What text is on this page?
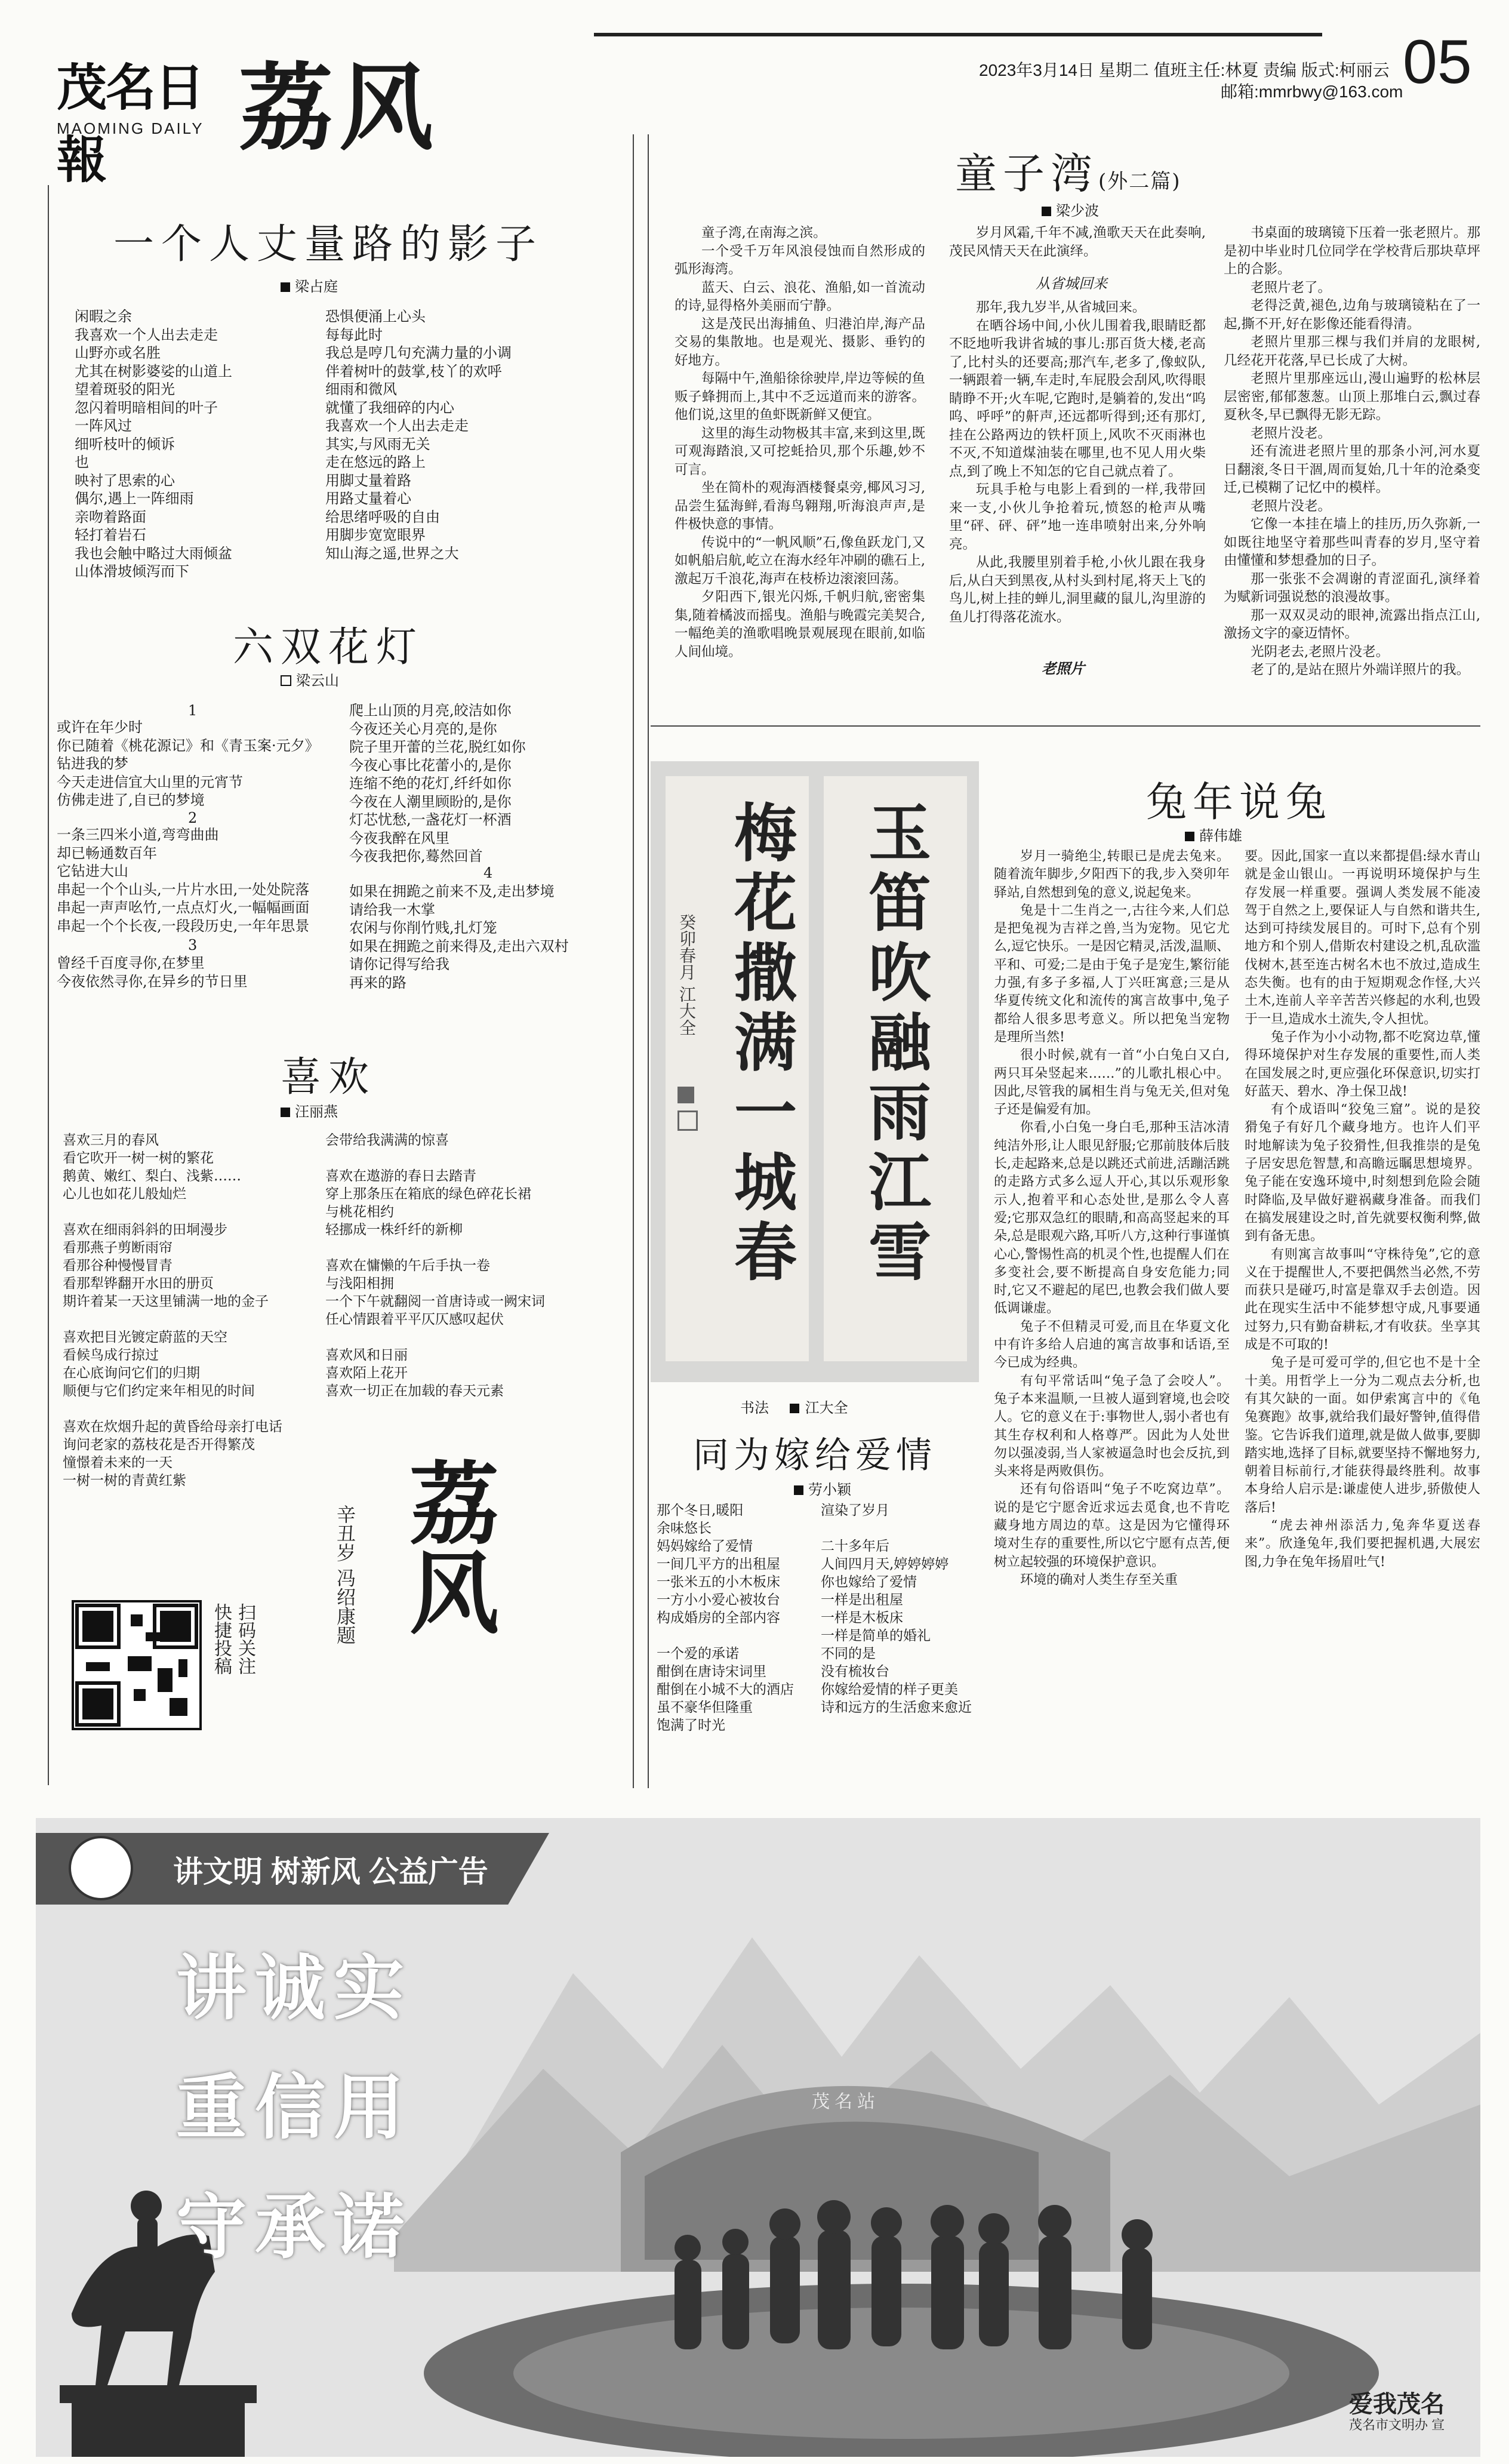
茂名日報
MAOMING DAILY 荔风	2023年3月14日 星期二 值班主任:林夏 责编 版式:柯丽云
邮箱:mmrbwy@163.com 05
一个人丈量路的影子
梁占庭
闲暇之余
我喜欢一个人出去走走
山野亦或名胜
尤其在树影婆娑的山道上
望着斑驳的阳光
忽闪着明暗相间的叶子
一阵风过
细听枝叶的倾诉
也
映衬了思索的心
偶尔,遇上一阵细雨
亲吻着路面
轻打着岩石
我也会触中略过大雨倾盆
山体滑坡倾泻而下
恐惧便涌上心头
每每此时
我总是哼几句充满力量的小调
伴着树叶的鼓掌,枝丫的欢呼
细雨和微风
就懂了我细碎的内心
我喜欢一个人出去走走
其实,与风雨无关
走在悠远的路上
用脚丈量着路
用路丈量着心
给思绪呼吸的自由
用脚步宽宽眼界
知山海之遥,世界之大
六双花灯
梁云山
1
或许在年少时
你已随着《桃花源记》和《青玉案·元夕》
钻进我的梦
今天走进信宜大山里的元宵节
仿佛走进了,自已的梦境
2
一条三四米小道,弯弯曲曲
却已畅通数百年
它钻进大山
串起一个个山头,一片片水田,一处处院落
串起一声声吆竹,一点点灯火,一幅幅画面
串起一个个长夜,一段段历史,一年年思景
3
曾经千百度寻你,在梦里
今夜依然寻你,在异乡的节日里
爬上山顶的月亮,皎洁如你
今夜还关心月亮的,是你
院子里开蕾的兰花,脱红如你
今夜心事比花蕾小的,是你
连缩不绝的花灯,纤纤如你
今夜在人潮里顾盼的,是你
灯芯忧愁,一盏花灯一杯酒
今夜我醉在风里
今夜我把你,蓦然回首
4
如果在拥跪之前来不及,走出梦境
请给我一木掌
农闲与你削竹贱,扎灯笼
如果在拥跪之前来得及,走出六双村
请你记得写给我
再来的路
喜欢
汪丽燕
喜欢三月的春风
看它吹开一树一树的繁花
鹅黄、嫩红、梨白、浅紫……
心儿也如花儿般灿烂

喜欢在细雨斜斜的田垌漫步
看那燕子剪断雨帘
看那谷种慢慢冒青
看那犁铧翻开水田的册页
期许着某一天这里铺满一地的金子

喜欢把目光镀定蔚蓝的天空
看候鸟成行掠过
在心底询问它们的归期
顺便与它们约定来年相见的时间

喜欢在炊烟升起的黄昏给母亲打电话
询问老家的荔枝花是否开得繁茂
憧憬着未来的一天
一树一树的青黄红紫
会带给我满满的惊喜

喜欢在遨游的春日去踏青
穿上那条压在箱底的绿色碎花长裙
与桃花相约
轻挪成一株纤纤的新柳

喜欢在慵懒的午后手执一卷
与浅阳相拥
一个下午就翻阅一首唐诗或一阙宋词
任心情跟着平平仄仄感叹起伏

喜欢风和日丽
喜欢陌上花开
喜欢一切正在加载的春天元素
扫码关注
快捷投稿	辛丑岁 冯绍康题 荔风
童子湾(外二篇)
梁少波

童子湾,在南海之滨。

一个受千万年风浪侵蚀而自然形成的弧形海湾。

蓝天、白云、浪花、渔船,如一首流动的诗,显得格外美丽而宁静。

这是茂民出海捕鱼、归港泊岸,海产品交易的集散地。也是观光、摄影、垂钓的好地方。

每隔中午,渔船徐徐驶岸,岸边等候的鱼贩子蜂拥而上,其中不乏远道而来的游客。他们说,这里的鱼虾既新鲜又便宜。

这里的海生动物极其丰富,来到这里,既可观海踏浪,又可挖蚝拾贝,那个乐趣,妙不可言。

坐在简朴的观海酒楼餐桌旁,椰风习习,品尝生猛海鲜,看海鸟翱翔,听海浪声声,是件极快意的事情。

传说中的“一帆风顺”石,像鱼跃龙门,又如帆船启航,屹立在海水经年冲刷的礁石上,激起万千浪花,海声在枝桥边滚滚回荡。

夕阳西下,银光闪烁,千帆归航,密密集集,随着橘波而摇曳。渔船与晚霞完美契合,一幅绝美的渔歌唱晚景观展现在眼前,如临人间仙境。

岁月风霜,千年不减,渔歌天天在此奏响,茂民风情天天在此演绎。

从省城回来

那年,我九岁半,从省城回来。

在晒谷场中间,小伙儿围着我,眼睛眨都不眨地听我讲省城的事儿:那百货大楼,老高了,比村头的还要高;那汽车,老多了,像蚁队,一辆跟着一辆,车走时,车屁股会刮风,吹得眼睛睁不开;火车呢,它跑时,是躺着的,发出“呜呜、呼呼”的鼾声,还远都听得到;还有那灯,挂在公路两边的铁杆顶上,风吹不灭雨淋也不灭,不知道煤油装在哪里,也不见人用火柴点,到了晚上不知怎的它自己就点着了。

玩具手枪与电影上看到的一样,我带回来一支,小伙儿争抢着玩,愤怒的枪声从嘴里“砰、砰、砰”地一连串喷射出来,分外响亮。

从此,我腰里别着手枪,小伙儿跟在我身后,从白天到黑夜,从村头到村尾,将天上飞的鸟儿,树上挂的蝉儿,洞里藏的鼠儿,沟里游的鱼儿打得落花流水。

老照片

书桌面的玻璃镜下压着一张老照片。那是初中毕业时几位同学在学校背后那块草坪上的合影。

老照片老了。

老得泛黄,褪色,边角与玻璃镜粘在了一起,撕不开,好在影像还能看得清。

老照片里那三棵与我们并肩的龙眼树,几经花开花落,早已长成了大树。

老照片里那座远山,漫山遍野的松林层层密密,郁郁葱葱。山顶上那堆白云,飘过春夏秋冬,早已飘得无影无踪。

老照片没老。

还有流进老照片里的那条小河,河水夏日翻滚,冬日干涸,周而复始,几十年的沧桑变迁,已模糊了记忆中的模样。

老照片没老。

它像一本挂在墙上的挂历,历久弥新,一如既往地坚守着那些叫青春的岁月,坚守着由懂懂和梦想叠加的日子。

那一张张不会凋谢的青涩面孔,演绎着为赋新词强说愁的浪漫故事。

那一双双灵动的眼神,流露出指点江山,激扬文字的豪迈情怀。

光阴老去,老照片没老。

老了的,是站在照片外端详照片的我。

玉笛吹融雨江雪
梅花撒满一城春
癸卯春月 江大全
书法	江大全
兔年说兔
薛伟雄

岁月一骑绝尘,转眼已是虎去兔来。随着流年脚步,夕阳西下的我,步入癸卯年驿站,自然想到兔的意义,说起兔来。

兔是十二生肖之一,古往今来,人们总是把兔视为吉祥之兽,当为宠物。见它尤么,逗它快乐。一是因它精灵,活泼,温顺、平和、可爱;二是由于兔子是宠生,繁衍能力强,有多子多福,人丁兴旺寓意;三是从华夏传统文化和流传的寓言故事中,兔子都给人很多思考意义。所以把兔当宠物是理所当然!

很小时候,就有一首“小白兔白又白,两只耳朵竖起来……”的儿歌扎根心中。因此,尽管我的属相生肖与兔无关,但对兔子还是偏爱有加。

你看,小白兔一身白毛,那种玉洁冰清纯洁外形,让人眼见舒服;它那前肢体后肢长,走起路来,总是以跳还式前进,活蹦活跳的走路方式多么逗人开心,其以乐观形象示人,抱着平和心态处世,是那么令人喜爱;它那双急红的眼睛,和高高竖起来的耳朵,总是眼观六路,耳听八方,这种行事谨慎心心,警惕性高的机灵个性,也提醒人们在多变社会,要不断提高自身安危能力;同时,它又不避起的尾巴,也教会我们做人要低调谦虚。

兔子不但精灵可爱,而且在华夏文化中有许多给人启迪的寓言故事和话语,至今已成为经典。

有句平常话叫“兔子急了会咬人”。兔子本来温顺,一旦被人逼到窘境,也会咬人。它的意义在于:事物世人,弱小者也有其生存权利和人格尊严。因此为人处世勿以强凌弱,当人家被逼急时也会反抗,到头来将是两败俱伤。

还有句俗语叫“兔子不吃窝边草”。说的是它宁愿舍近求远去觅食,也不肯吃藏身地方周边的草。这是因为它懂得环境对生存的重要性,所以它宁愿有点苦,便树立起较强的环境保护意识。

环境的确对人类生存至关重

要。因此,国家一直以来都提倡:绿水青山就是金山银山。一再说明环境保护与生存发展一样重要。强调人类发展不能凌驾于自然之上,要保证人与自然和谐共生,达到可持续发展目的。可时下,总有个别地方和个别人,借斯农村建设之机,乱砍滥伐树木,甚至连古树名木也不放过,造成生态失衡。也有的由于短期观念作怪,大兴土木,连前人辛辛苦苦兴修起的水利,也毁于一旦,造成水土流失,令人担忧。

兔子作为小小动物,都不吃窝边草,懂得环境保护对生存发展的重要性,而人类在国发展之时,更应强化环保意识,切实打好蓝天、碧水、净土保卫战!

有个成语叫“狡兔三窟”。说的是狡猾兔子有好几个藏身地方。也许人们平时地解读为兔子狡猾性,但我推崇的是兔子居安思危智慧,和高瞻远瞩思想境界。兔子能在安逸环境中,时刻想到危险会随时降临,及早做好避祸藏身准备。而我们在搞发展建设之时,首先就要权衡利弊,做到有备无患。

有则寓言故事叫“守株待兔”,它的意义在于提醒世人,不要把偶然当必然,不劳而获只是碰巧,时富是靠双手去创造。因此在现实生活中不能梦想守成,凡事要通过努力,只有勤奋耕耘,才有收获。坐享其成是不可取的!

兔子是可爱可学的,但它也不是十全十美。用哲学上一分为二观点去分析,也有其欠缺的一面。如伊索寓言中的《龟兔赛跑》故事,就给我们最好警钟,值得借鉴。它告诉我们道理,就是做人做事,要脚踏实地,选择了目标,就要坚持不懈地努力,朝着目标前行,才能获得最终胜利。故事本身给人启示是:谦虚使人进步,骄傲使人落后!

“虎去神州添活力,兔奔华夏送春来”。欣逢兔年,我们要把握机遇,大展宏图,力争在兔年扬眉吐气!

同为嫁给爱情
劳小颖
那个冬日,暖阳
余味悠长
妈妈嫁给了爱情
一间几平方的出租屋
一张米五的小木板床
一方小小爱心被妆台
构成婚房的全部内容

一个爱的承诺
酣倒在唐诗宋词里
酣倒在小城不大的酒店
虽不豪华但隆重
饱满了时光
渲染了岁月

二十多年后
人间四月天,婷婷婷婷
你也嫁给了爱情
一样是出租屋
一样是木板床
一样是简单的婚礼
不同的是
没有梳妆台
你嫁给爱情的样子更美
诗和远方的生活愈来愈近
讲文明 树新风 公益广告
讲诚实
重信用
守承诺
茂名站
爱我茂名
茂名市文明办 宣
